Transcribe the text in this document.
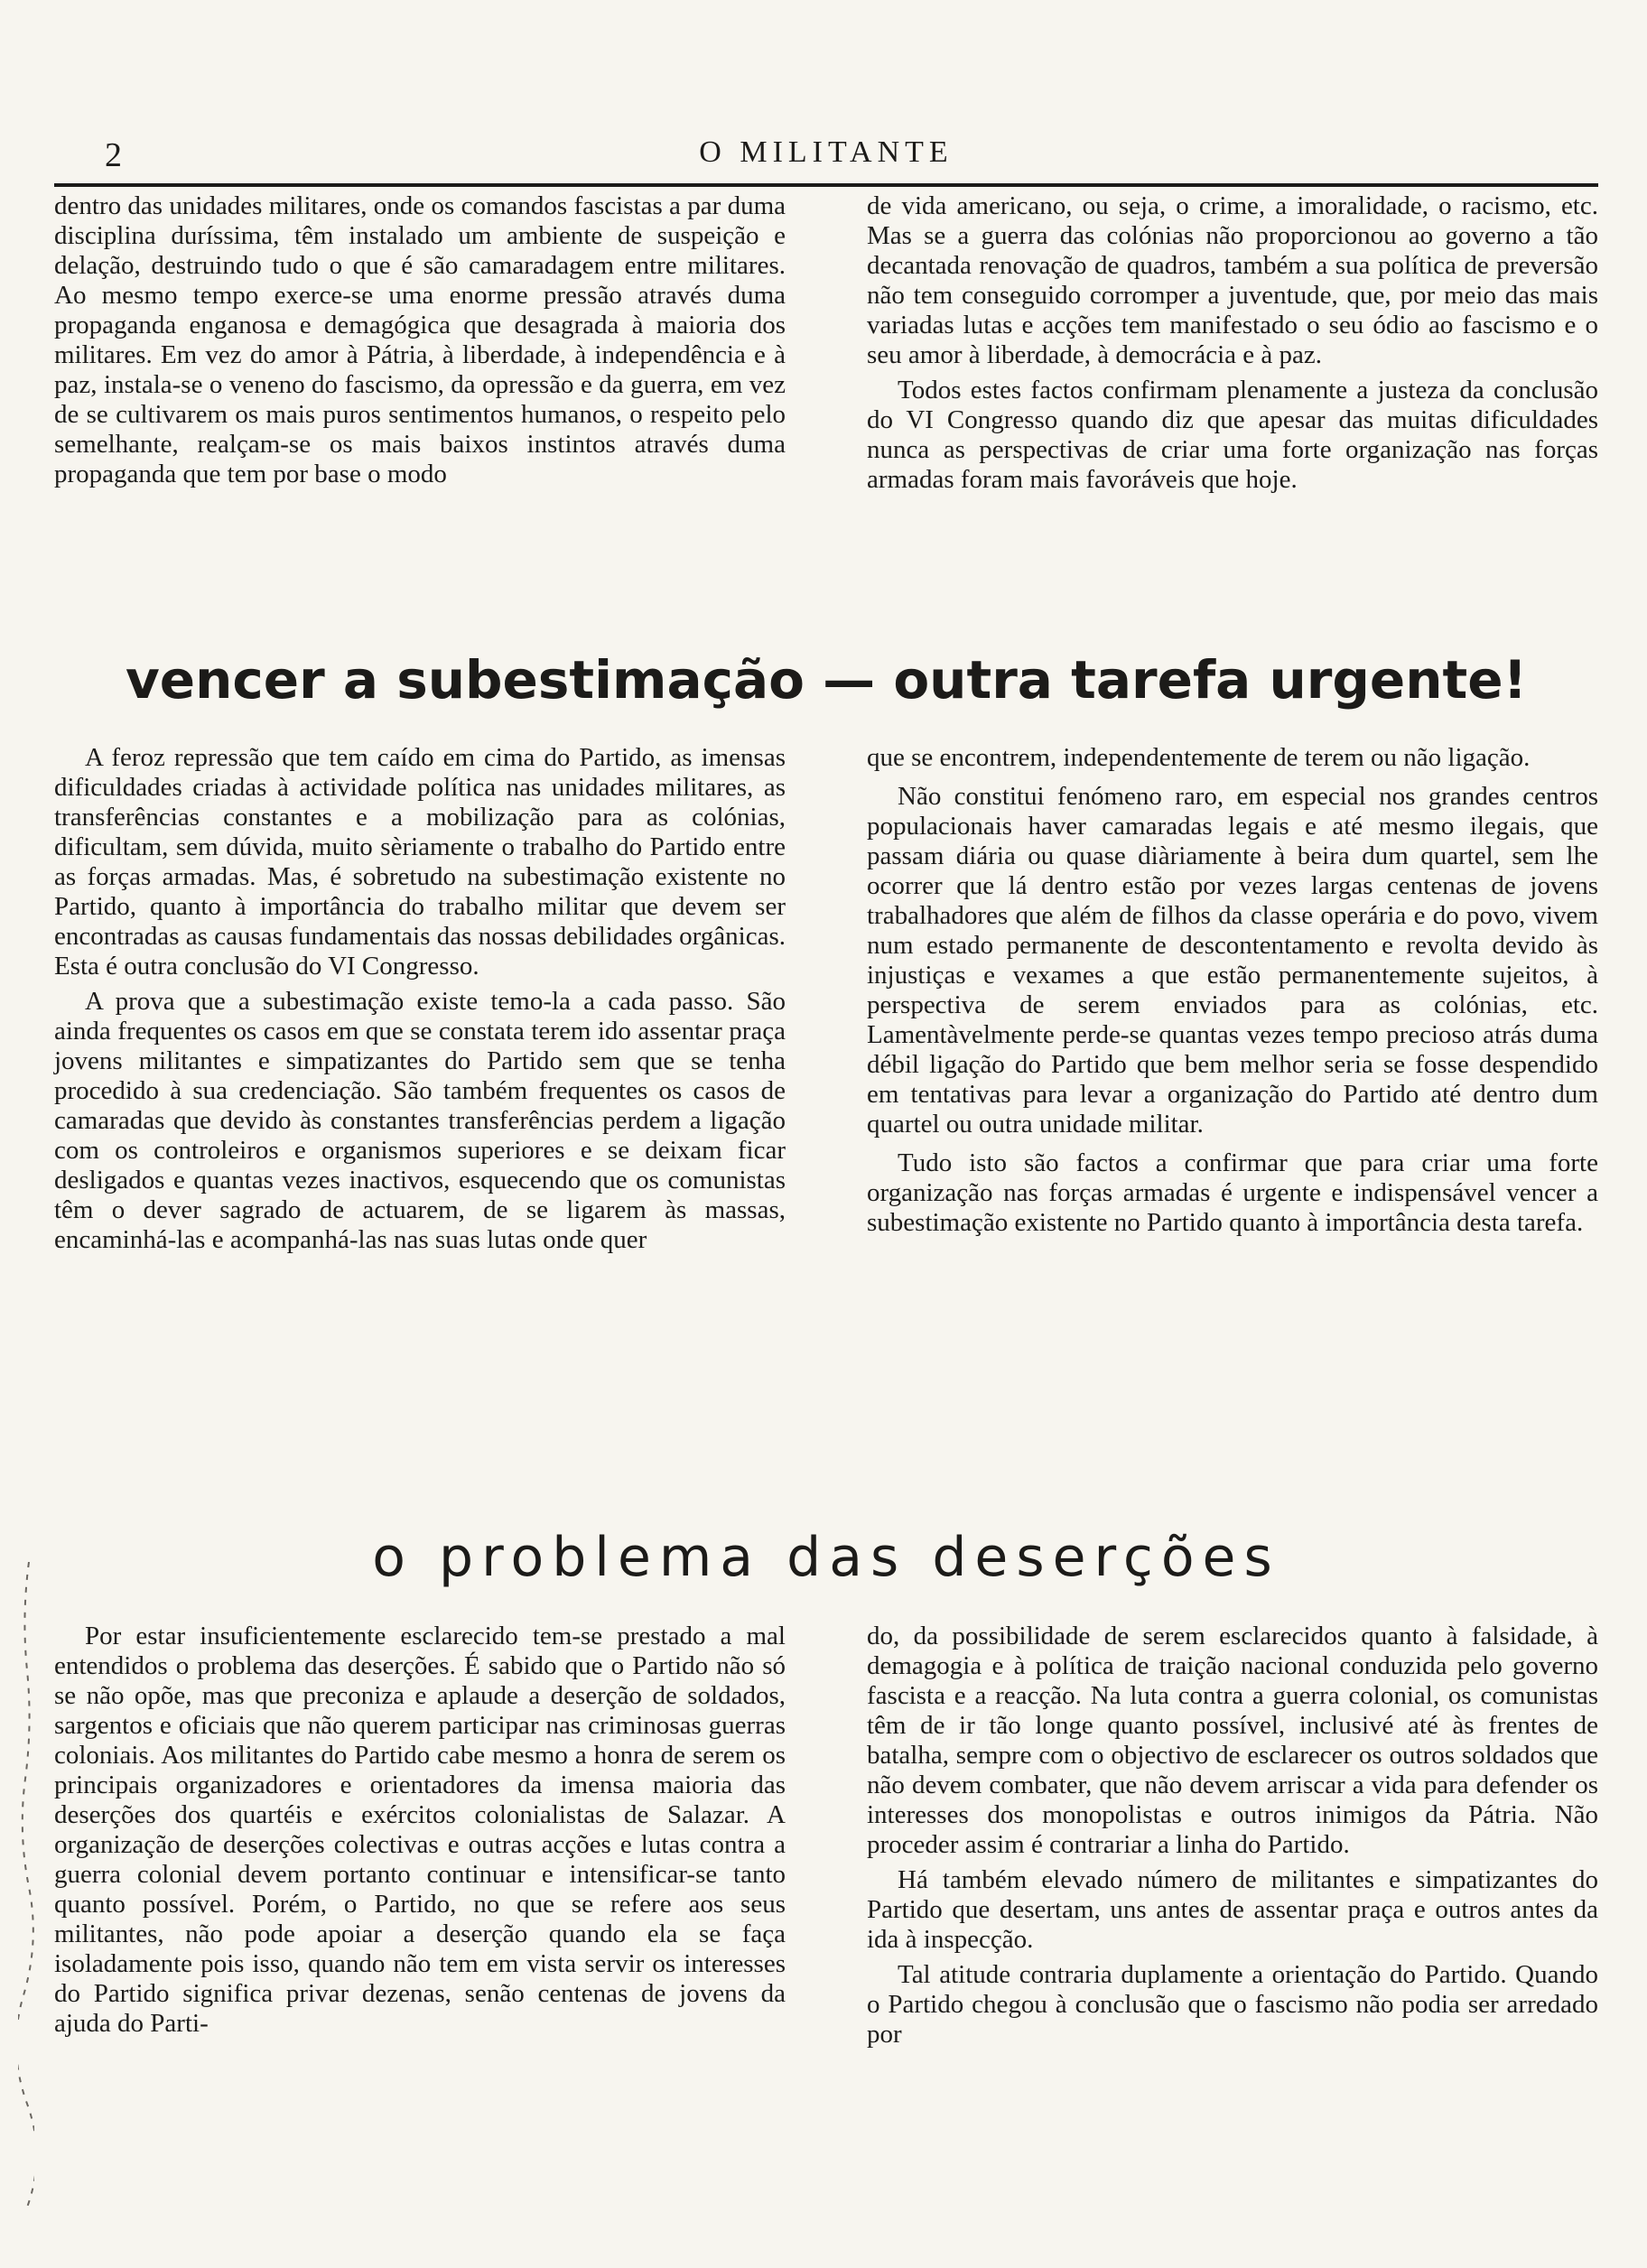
2	O MILITANTE

dentro das unidades militares, onde os comandos fascistas a par duma disciplina duríssima, têm instalado um ambiente de suspeição e delação, destruindo tudo o que é são camaradagem entre militares. Ao mesmo tempo exerce-se uma enorme pressão através duma propaganda enganosa e demagógica que desagrada à maioria dos militares. Em vez do amor à Pátria, à liberdade, à independência e à paz, instala-se o veneno do fascismo, da opressão e da guerra, em vez de se cultivarem os mais puros sentimentos humanos, o respeito pelo semelhante, realçam-se os mais baixos instintos através duma propaganda que tem por base o modo

de vida americano, ou seja, o crime, a imoralidade, o racismo, etc. Mas se a guerra das colónias não proporcionou ao governo a tão decantada renovação de quadros, também a sua política de preversão não tem conseguido corromper a juventude, que, por meio das mais variadas lutas e acções tem manifestado o seu ódio ao fascismo e o seu amor à liberdade, à democrácia e à paz.

Todos estes factos confirmam plenamente a justeza da conclusão do VI Congresso quando diz que apesar das muitas dificuldades nunca as perspectivas de criar uma forte organização nas forças armadas foram mais favoráveis que hoje.

vencer a subestimação — outra tarefa urgente!

A feroz repressão que tem caído em cima do Partido, as imensas dificuldades criadas à actividade política nas unidades militares, as transferências constantes e a mobilização para as colónias, dificultam, sem dúvida, muito sèriamente o trabalho do Partido entre as forças armadas. Mas, é sobretudo na subestimação existente no Partido, quanto à importância do trabalho militar que devem ser encontradas as causas fundamentais das nossas debilidades orgânicas. Esta é outra conclusão do VI Congresso.

A prova que a subestimação existe temo-la a cada passo. São ainda frequentes os casos em que se constata terem ido assentar praça jovens militantes e simpatizantes do Partido sem que se tenha procedido à sua credenciação. São também frequentes os casos de camaradas que devido às constantes transferências perdem a ligação com os controleiros e organismos superiores e se deixam ficar desligados e quantas vezes inactivos, esquecendo que os comunistas têm o dever sagrado de actuarem, de se ligarem às massas, encaminhá-las e acompanhá-las nas suas lutas onde quer

que se encontrem, independentemente de terem ou não ligação.

Não constitui fenómeno raro, em especial nos grandes centros populacionais haver camaradas legais e até mesmo ilegais, que passam diária ou quase diàriamente à beira dum quartel, sem lhe ocorrer que lá dentro estão por vezes largas centenas de jovens trabalhadores que além de filhos da classe operária e do povo, vivem num estado permanente de descontentamento e revolta devido às injustiças e vexames a que estão permanentemente sujeitos, à perspectiva de serem enviados para as colónias, etc. Lamentàvelmente perde-se quantas vezes tempo precioso atrás duma débil ligação do Partido que bem melhor seria se fosse despendido em tentativas para levar a organização do Partido até dentro dum quartel ou outra unidade militar.

Tudo isto são factos a confirmar que para criar uma forte organização nas forças armadas é urgente e indispensável vencer a subestimação existente no Partido quanto à importância desta tarefa.

o problema das deserções

Por estar insuficientemente esclarecido tem-se prestado a mal entendidos o problema das deserções. É sabido que o Partido não só se não opõe, mas que preconiza e aplaude a deserção de soldados, sargentos e oficiais que não querem participar nas criminosas guerras coloniais. Aos militantes do Partido cabe mesmo a honra de serem os principais organizadores e orientadores da imensa maioria das deserções dos quartéis e exércitos colonialistas de Salazar. A organização de deserções colectivas e outras acções e lutas contra a guerra colonial devem portanto continuar e intensificar-se tanto quanto possível. Porém, o Partido, no que se refere aos seus militantes, não pode apoiar a deserção quando ela se faça isoladamente pois isso, quando não tem em vista servir os interesses do Partido significa privar dezenas, senão centenas de jovens da ajuda do Parti-

do, da possibilidade de serem esclarecidos quanto à falsidade, à demagogia e à política de traição nacional conduzida pelo governo fascista e a reacção. Na luta contra a guerra colonial, os comunistas têm de ir tão longe quanto possível, inclusivé até às frentes de batalha, sempre com o objectivo de esclarecer os outros soldados que não devem combater, que não devem arriscar a vida para defender os interesses dos monopolistas e outros inimigos da Pátria. Não proceder assim é contrariar a linha do Partido.

Há também elevado número de militantes e simpatizantes do Partido que desertam, uns antes de assentar praça e outros antes da ida à inspecção.

Tal atitude contraria duplamente a orientação do Partido. Quando o Partido chegou à conclusão que o fascismo não podia ser arredado por
